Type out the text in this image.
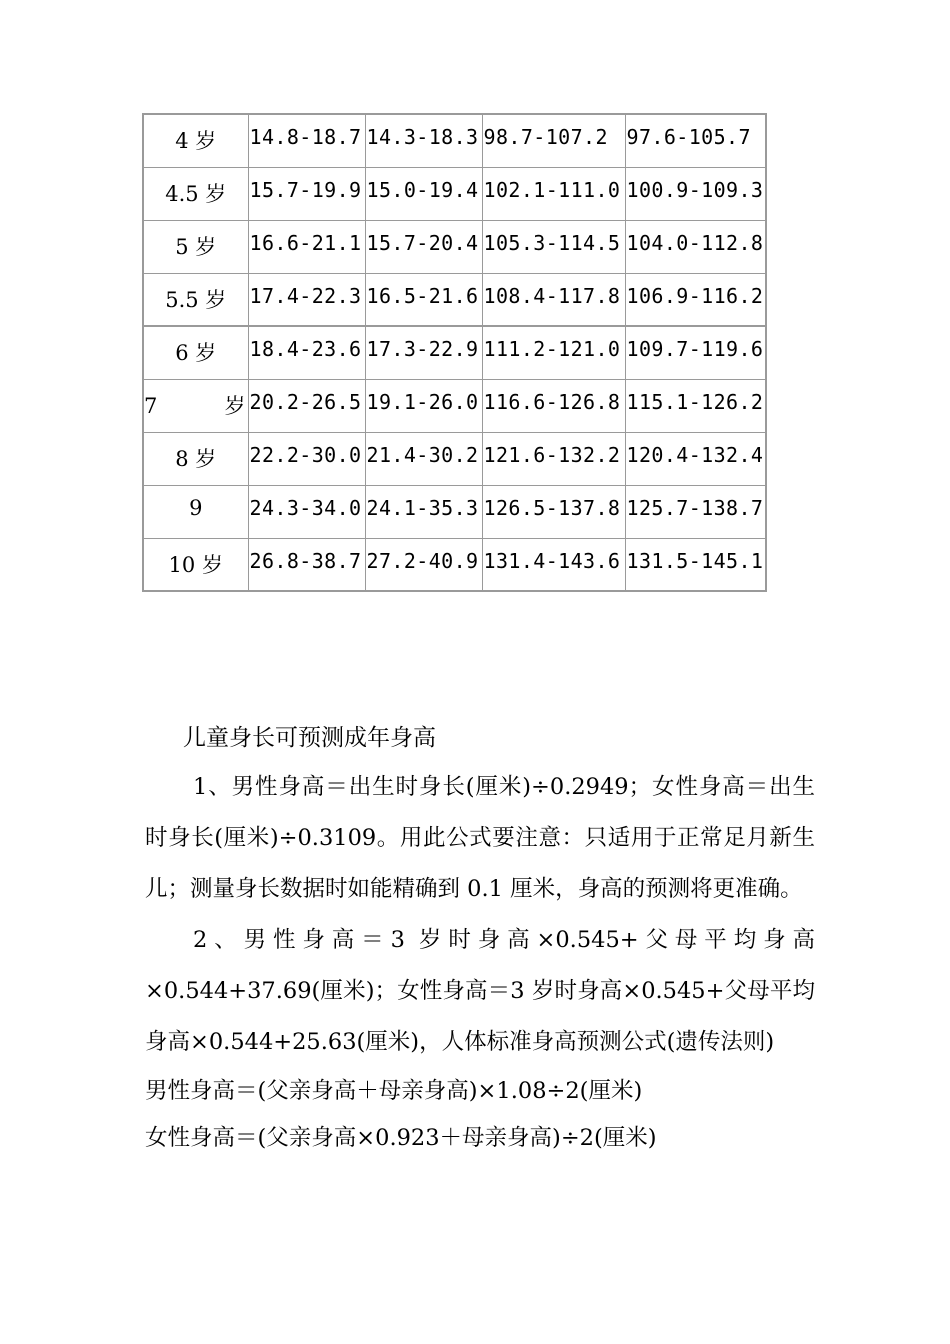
4 岁	14.8-18.7	14.3-18.3	98.7-107.2	97.6-105.7
4.5 岁	15.7-19.9	15.0-19.4	102.1-111.0	100.9-109.3
5 岁	16.6-21.1	15.7-20.4	105.3-114.5	104.0-112.8
5.5 岁	17.4-22.3	16.5-21.6	108.4-117.8	106.9-116.2
6 岁	18.4-23.6	17.3-22.9	111.2-121.0	109.7-119.6
7 岁	20.2-26.5	19.1-26.0	116.6-126.8	115.1-126.2
8 岁	22.2-30.0	21.4-30.2	121.6-132.2	120.4-132.4
9	24.3-34.0	24.1-35.3	126.5-137.8	125.7-138.7
10 岁	26.8-38.7	27.2-40.9	131.4-143.6	131.5-145.1
儿童身长可预测成年身高

1、男性身高＝出生时身长(厘米)÷0.2949；女性身高＝出生时身长(厘米)÷0.3109。用此公式要注意：只适用于正常足月新生儿；测量身长数据时如能精确到 0.1 厘米，身高的预测将更准确。

2、男性身高＝3 岁时身高×0.545+父母平均身高×0.544+37.69(厘米)；女性身高＝3 岁时身高×0.545+父母平均身高×0.544+25.63(厘米)，人体标准身高预测公式(遗传法则)

男性身高＝(父亲身高＋母亲身高)×1.08÷2(厘米)

女性身高＝(父亲身高×0.923＋母亲身高)÷2(厘米)
